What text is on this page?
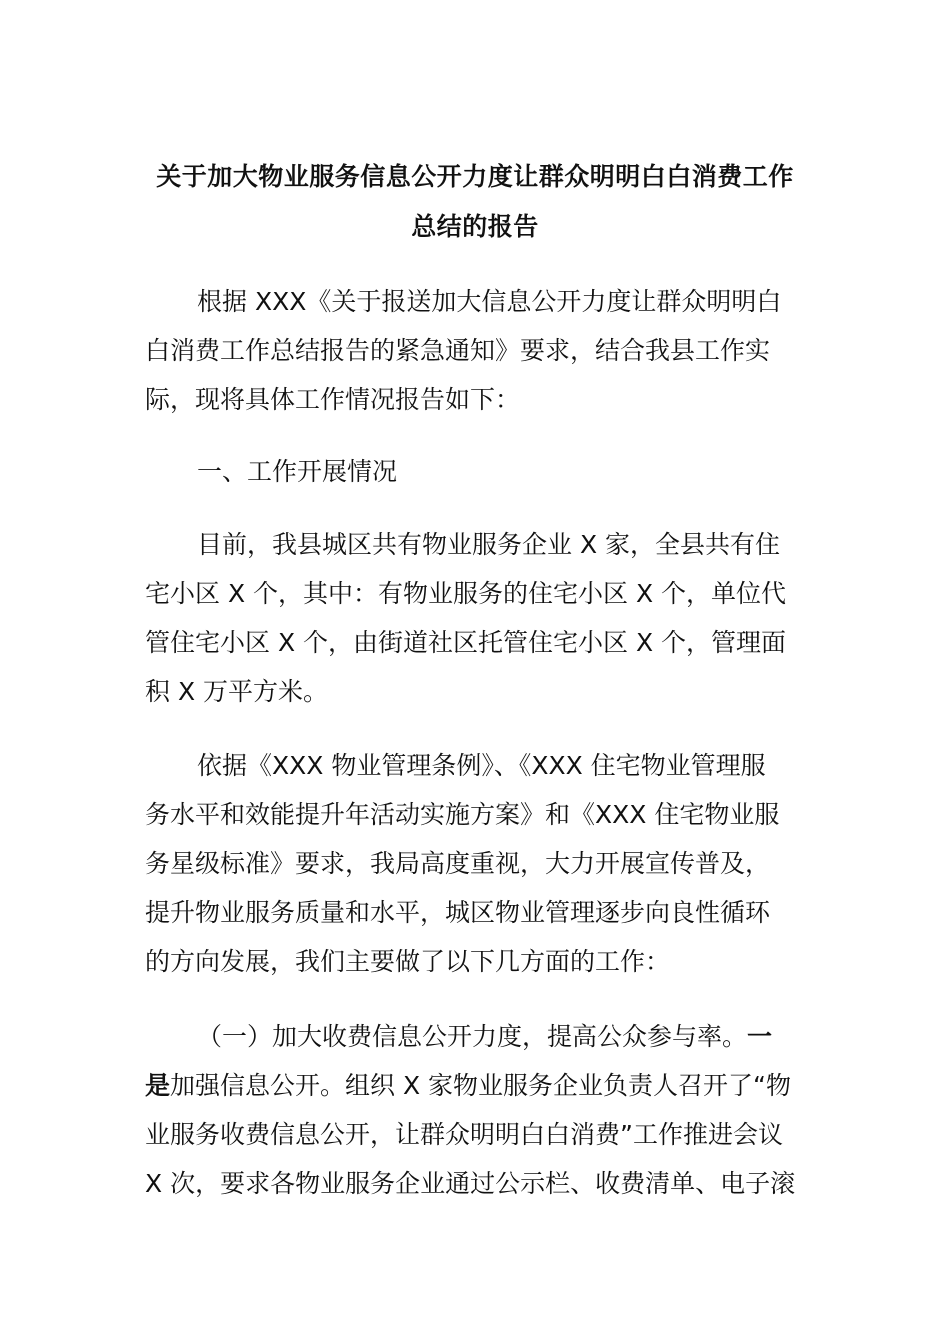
关于加大物业服务信息公开力度让群众明明白白消费工作
总结的报告
根据 XXX《关于报送加大信息公开力度让群众明明白
白消费工作总结报告的紧急通知》要求，结合我县工作实
际，现将具体工作情况报告如下：
一、工作开展情况
目前，我县城区共有物业服务企业 X 家，全县共有住
宅小区 X 个，其中：有物业服务的住宅小区 X 个，单位代
管住宅小区 X 个，由街道社区托管住宅小区 X 个，管理面
积 X 万平方米。
依据《XXX 物业管理条例》、《XXX 住宅物业管理服
务水平和效能提升年活动实施方案》和《XXX 住宅物业服
务星级标准》要求，我局高度重视，大力开展宣传普及，
提升物业服务质量和水平，城区物业管理逐步向良性循环
的方向发展，我们主要做了以下几方面的工作：
（一）加大收费信息公开力度，提高公众参与率。一
是加强信息公开。组织 X 家物业服务企业负责人召开了“物
业服务收费信息公开，让群众明明白白消费”工作推进会议
X 次，要求各物业服务企业通过公示栏、收费清单、电子滚
